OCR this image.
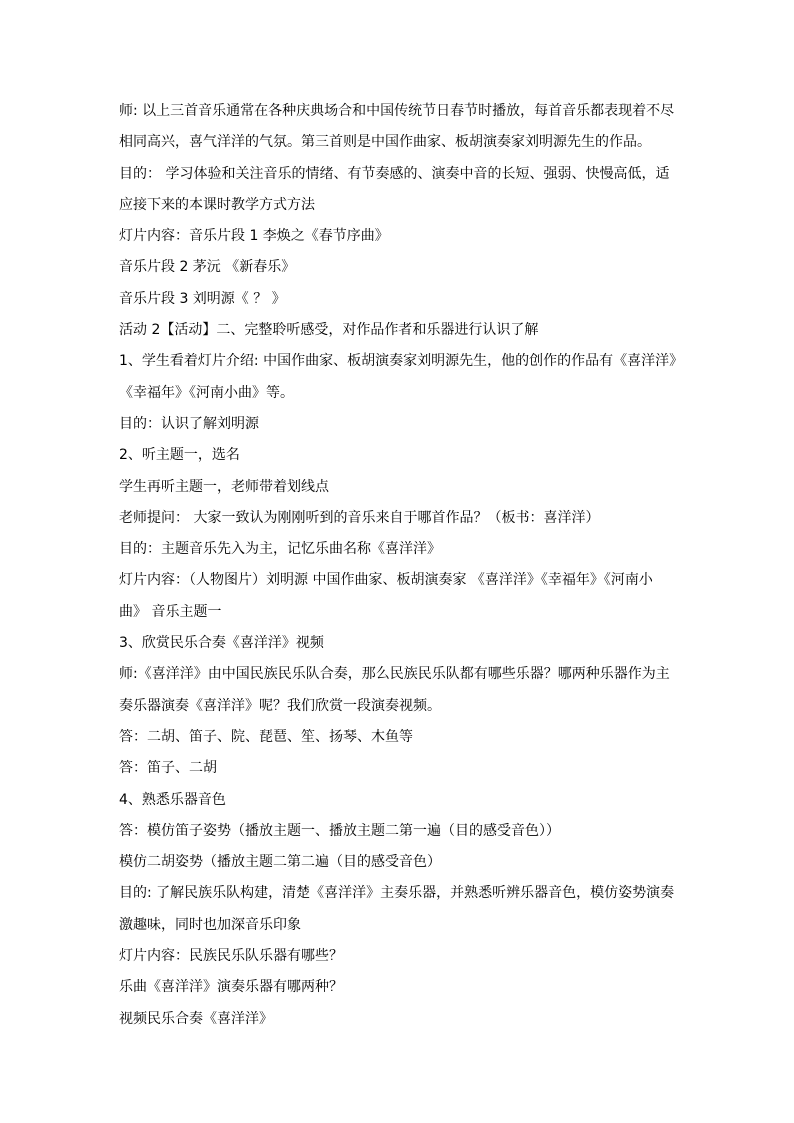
师: 以上三首音乐通常在各种庆典场合和中国传统节日春节时播放，每首音乐都表现着不尽
相同高兴，喜气洋洋的气氛。第三首则是中国作曲家、板胡演奏家刘明源先生的作品。
目的： 学习体验和关注音乐的情绪、有节奏感的、演奏中音的长短、强弱、快慢高低，适
应接下来的本课时教学方式方法
灯片内容：音乐片段 1 李焕之《春节序曲》
音乐片段 2 茅沅 《新春乐》
音乐片段 3 刘明源《 ？ 》
活动 2【活动】二、完整聆听感受，对作品作者和乐器进行认识了解
1、学生看着灯片介绍: 中国作曲家、板胡演奏家刘明源先生，他的创作的作品有《喜洋洋》
《幸福年》《河南小曲》等。
目的：认识了解刘明源
2、听主题一，选名
学生再听主题一，老师带着划线点
老师提问： 大家一致认为刚刚听到的音乐来自于哪首作品？（板书：喜洋洋）
目的：主题音乐先入为主，记忆乐曲名称《喜洋洋》
灯片内容：（人物图片）刘明源 中国作曲家、板胡演奏家 《喜洋洋》《幸福年》《河南小
曲》 音乐主题一
3、欣赏民乐合奏《喜洋洋》视频
师:《喜洋洋》由中国民族民乐队合奏，那么民族民乐队都有哪些乐器？哪两种乐器作为主
奏乐器演奏《喜洋洋》呢？我们欣赏一段演奏视频。
答：二胡、笛子、院、琵琶、笙、扬琴、木鱼等
答：笛子、二胡
4、熟悉乐器音色
答：模仿笛子姿势（播放主题一、播放主题二第一遍（目的感受音色））
模仿二胡姿势（播放主题二第二遍（目的感受音色）
目的: 了解民族乐队构建，清楚《喜洋洋》主奏乐器，并熟悉听辨乐器音色，模仿姿势演奏
激趣味，同时也加深音乐印象
灯片内容：民族民乐队乐器有哪些？
乐曲《喜洋洋》演奏乐器有哪两种？
视频民乐合奏《喜洋洋》
